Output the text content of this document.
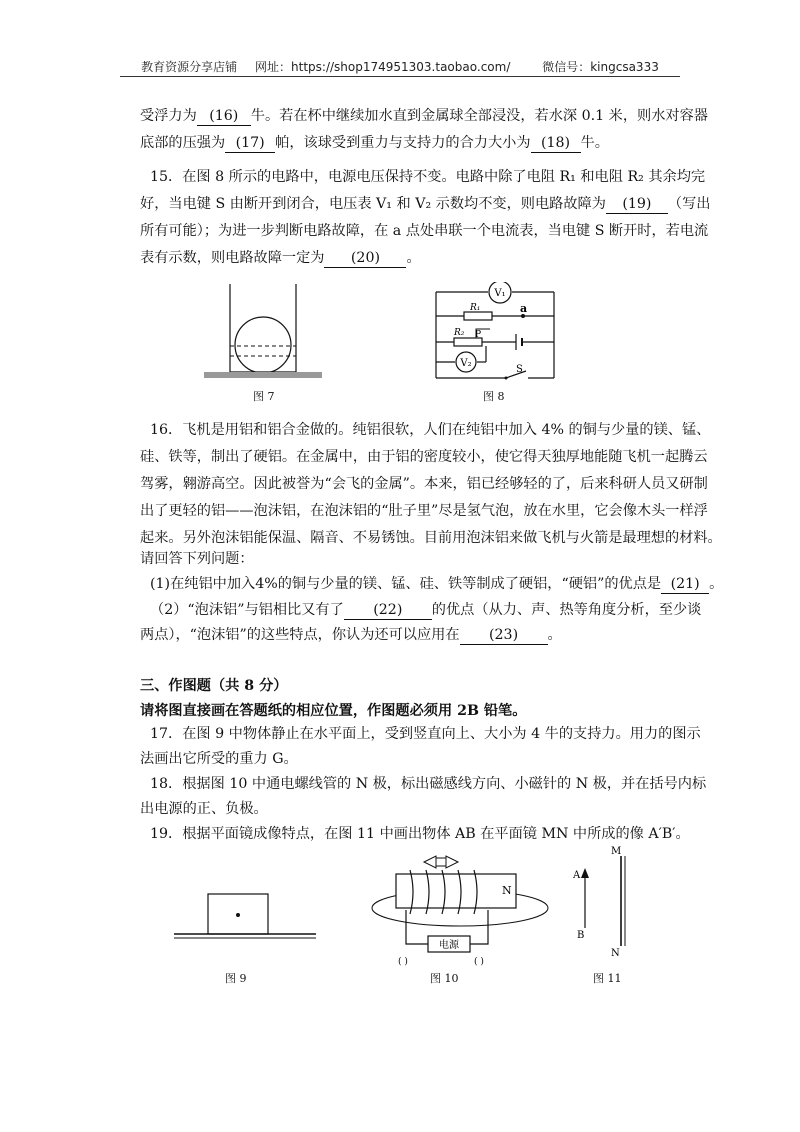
教育资源分享店铺 网址：https://shop174951303.taobao.com/	微信号：kingcsa333
受浮力为 (16) 牛。若在杯中继续加水直到金属球全部浸没，若水深 0.1 米，则水对容器
底部的压强为 (17) 帕，该球受到重力与支持力的合力大小为 (18) 牛。
15．在图 8 所示的电路中，电源电压保持不变。电路中除了电阻 R₁ 和电阻 R₂ 其余均完
好，当电键 S 由断开到闭合，电压表 V₁ 和 V₂ 示数均不变，则电路故障为 (19) （写出
所有可能）；为进一步判断电路故障，在 a 点处串联一个电流表，当电键 S 断开时，若电流
表有示数，则电路故障一定为 (20) 。
图 7
V₁
R₁	a
R₂ P
V₂
S
图 8
16．飞机是用铝和铝合金做的。纯铝很软，人们在纯铝中加入 4% 的铜与少量的镁、锰、
硅、铁等，制出了硬铝。在金属中，由于铝的密度较小，使它得天独厚地能随飞机一起腾云
驾雾，翱游高空。因此被誉为“会飞的金属”。本来，铝已经够轻的了，后来科研人员又研制
出了更轻的铝——泡沫铝，在泡沫铝的“肚子里”尽是氢气泡，放在水里，它会像木头一样浮
起来。另外泡沫铝能保温、隔音、不易锈蚀。目前用泡沫铝来做飞机与火箭是最理想的材料。
请回答下列问题：
(1)在纯铝中加入4%的铜与少量的镁、锰、硅、铁等制成了硬铝，“硬铝”的优点是 (21) 。
（2）“泡沫铝”与铝相比又有了 (22) 的优点（从力、声、热等角度分析，至少谈
两点），“泡沫铝”的这些特点，你认为还可以应用在 (23) 。
三、作图题（共 8 分）
请将图直接画在答题纸的相应位置，作图题必须用 2B 铅笔。
17．在图 9 中物体静止在水平面上，受到竖直向上、大小为 4 牛的支持力。用力的图示
法画出它所受的重力 G。
18．根据图 10 中通电螺线管的 N 极，标出磁感线方向、小磁针的 N 极，并在括号内标
出电源的正、负极。
19．根据平面镜成像特点，在图 11 中画出物体 AB 在平面镜 MN 中所成的像 A′B′。
图 9
N
电源
( )	( )
图 10
A
B
M
N
图 11
